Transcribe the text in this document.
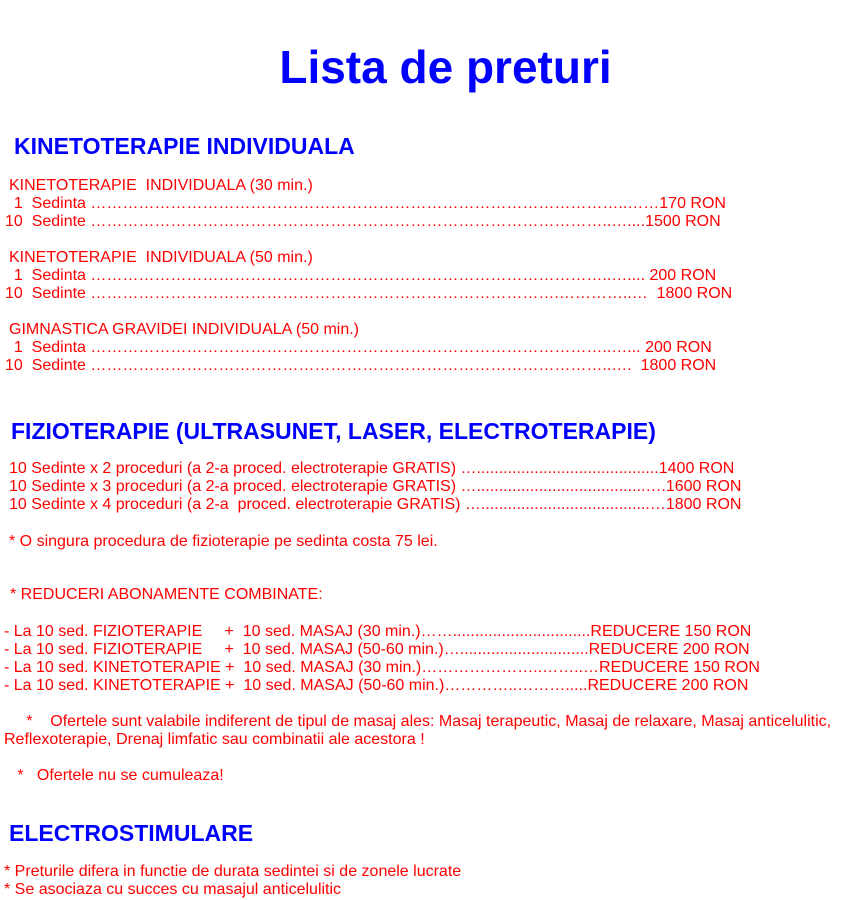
Lista de preturi
KINETOTERAPIE INDIVIDUALA
KINETOTERAPIE  INDIVIDUALA (30 min.)
1  Sedinta ………………………………………………………………………………………..……170 RON
10  Sedinte ……………………………………………………………………………………..…....1500 RON
KINETOTERAPIE  INDIVIDUALA (50 min.)
1  Sedinta ……………………………………………………………………………………..….... 200 RON
10  Sedinte …………………………………………………………………………….…………..…  1800 RON
GIMNASTICA GRAVIDEI INDIVIDUALA (50 min.)
1  Sedinta ……………………………………………………………………………………..…... 200 RON
10  Sedinte ……………………………………………………………………………………..….  1800 RON
FIZIOTERAPIE (ULTRASUNET, LASER, ELECTROTERAPIE)
10 Sedinte x 2 proceduri (a 2-a proced. electroterapie GRATIS) ….........................................1400 RON
10 Sedinte x 3 proceduri (a 2-a proced. electroterapie GRATIS) …......................................….1600 RON
10 Sedinte x 4 proceduri (a 2-a  proced. electroterapie GRATIS) …......................................…1800 RON
* O singura procedura de fizioterapie pe sedinta costa 75 lei.
* REDUCERI ABONAMENTE COMBINATE:
- La 10 sed. FIZIOTERAPIE     +  10 sed. MASAJ (30 min.)……...............................REDUCERE 150 RON
- La 10 sed. FIZIOTERAPIE     +  10 sed. MASAJ (50-60 min.)….............................REDUCERE 200 RON
- La 10 sed. KINETOTERAPIE +  10 sed. MASAJ (30 min.)…………………..……..…REDUCERE 150 RON
- La 10 sed. KINETOTERAPIE +  10 sed. MASAJ (50-60 min.)…………..……….....REDUCERE 200 RON
*    Ofertele sunt valabile indiferent de tipul de masaj ales: Masaj terapeutic, Masaj de relaxare, Masaj anticelulitic, Reflexoterapie, Drenaj limfatic sau combinatii ale acestora !
*   Ofertele nu se cumuleaza!
ELECTROSTIMULARE
* Preturile difera in functie de durata sedintei si de zonele lucrate
* Se asociaza cu succes cu masajul anticelulitic
